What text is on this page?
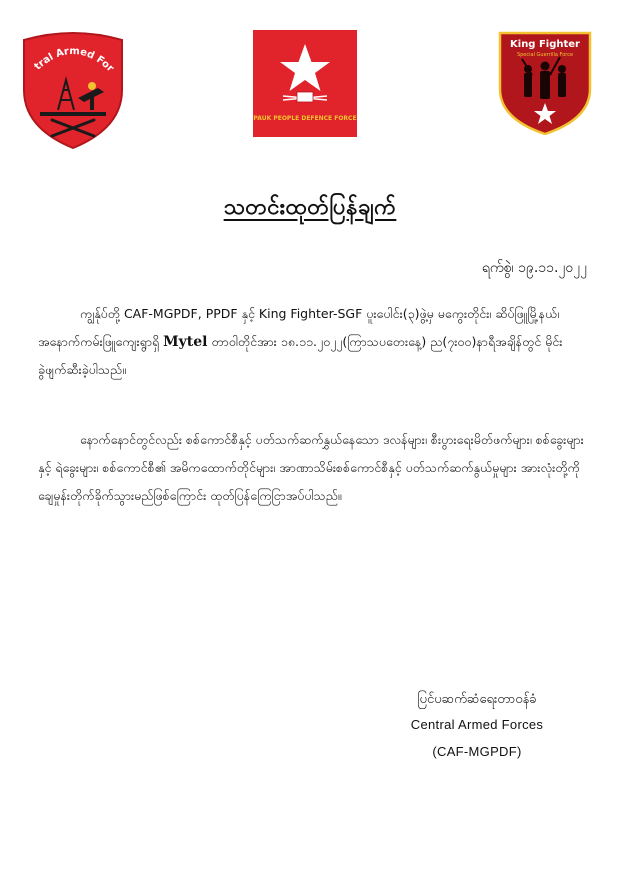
tral Armed For
PAUK PEOPLE DEFENCE FORCE
King Fighter
Special Guerrilla Force
သတင်းထုတ်ပြန်ချက်
ရက်စွဲ၊ ၁၉.၁၁.၂၀၂၂

ကျွန်ုပ်တို့ CAF-MGPDF, PPDF နှင့် King Fighter-SGF ပူးပေါင်း(၃)ဖွဲ့မှ မကွေးတိုင်း၊ ဆိပ်ဖြူမြို့နယ်၊ အနောက်ကမ်းဖြူကျေးရွာရှိ Mytel တာဝါတိုင်အား ၁၈.၁၁.၂၀၂၂(ကြာသပတေးနေ့) ည(၇း၀၀)နာရီအချိန်တွင် မိုင်းခွဲဖျက်ဆီးခဲ့ပါသည်။

နောက်နောင်တွင်လည်း စစ်ကောင်စီနှင့် ပတ်သက်ဆက်နွှယ်နေသော ဒလန်များ၊ စီးပွားရေးမိတ်ဖက်များ၊ စစ်ခွေးများနှင့် ရဲခွေးများ၊ စစ်ကောင်စီ၏ အမိကထောက်တိုင်များ၊ အာဏာသိမ်းစစ်ကောင်စီနှင့် ပတ်သက်ဆက်နွယ်မှုများ အားလုံးတို့ကို ချေမှုန်းတိုက်ခိုက်သွားမည်ဖြစ်ကြောင်း ထုတ်ပြန်ကြေငြာအပ်ပါသည်။

ပြင်ပဆက်ဆံရေးတာဝန်ခံ
Central Armed Forces
(CAF-MGPDF)
